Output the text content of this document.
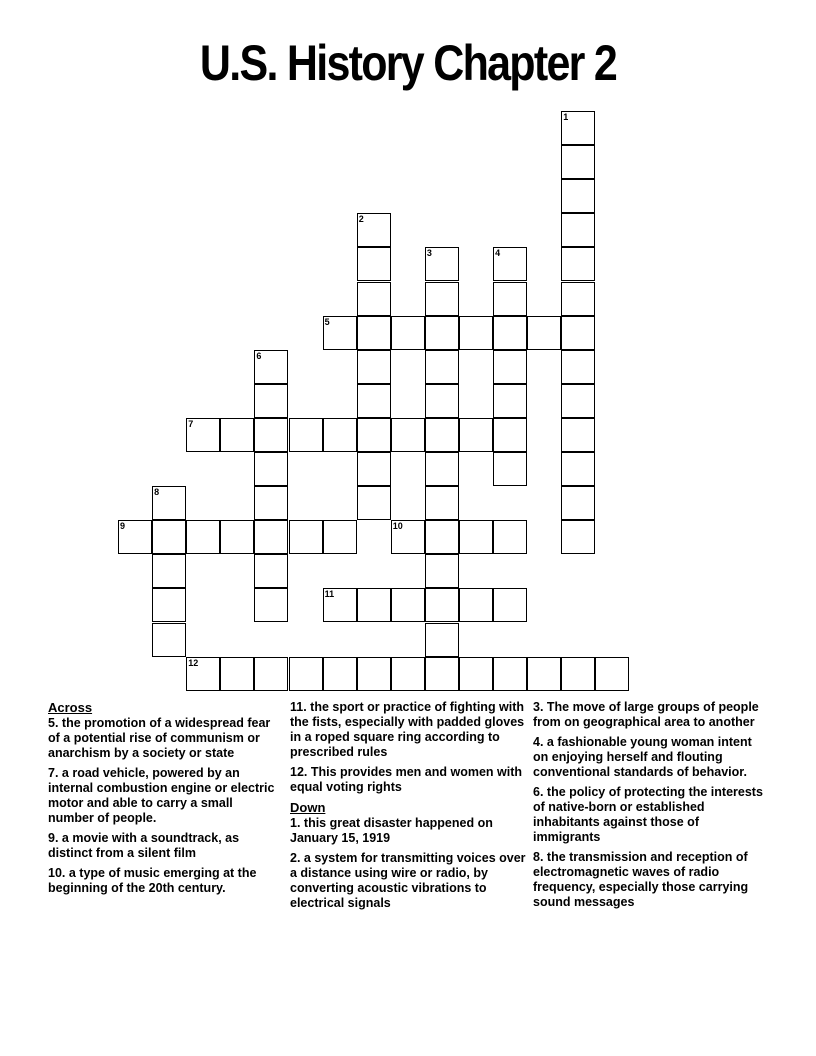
U.S. History Chapter 2
1
2
3	4
5
6
7
8
9	10
11
12
Across
5. the promotion of a widespread fear of a potential rise of communism or anarchism by a society or state
7. a road vehicle, powered by an internal combustion engine or electric motor and able to carry a small number of people.
9. a movie with a soundtrack, as distinct from a silent film
10. a type of music emerging at the beginning of the 20th century.
11. the sport or practice of fighting with the fists, especially with padded gloves in a roped square ring according to prescribed rules
12. This provides men and women with equal voting rights
Down
1. this great disaster happened on January 15, 1919
2. a system for transmitting voices over a distance using wire or radio, by converting acoustic vibrations to electrical signals
3. The move of large groups of people from on geographical area to another
4. a fashionable young woman intent on enjoying herself and flouting conventional standards of behavior.
6. the policy of protecting the interests of native-born or established inhabitants against those of immigrants
8. the transmission and reception of electromagnetic waves of radio frequency, especially those carrying sound messages
